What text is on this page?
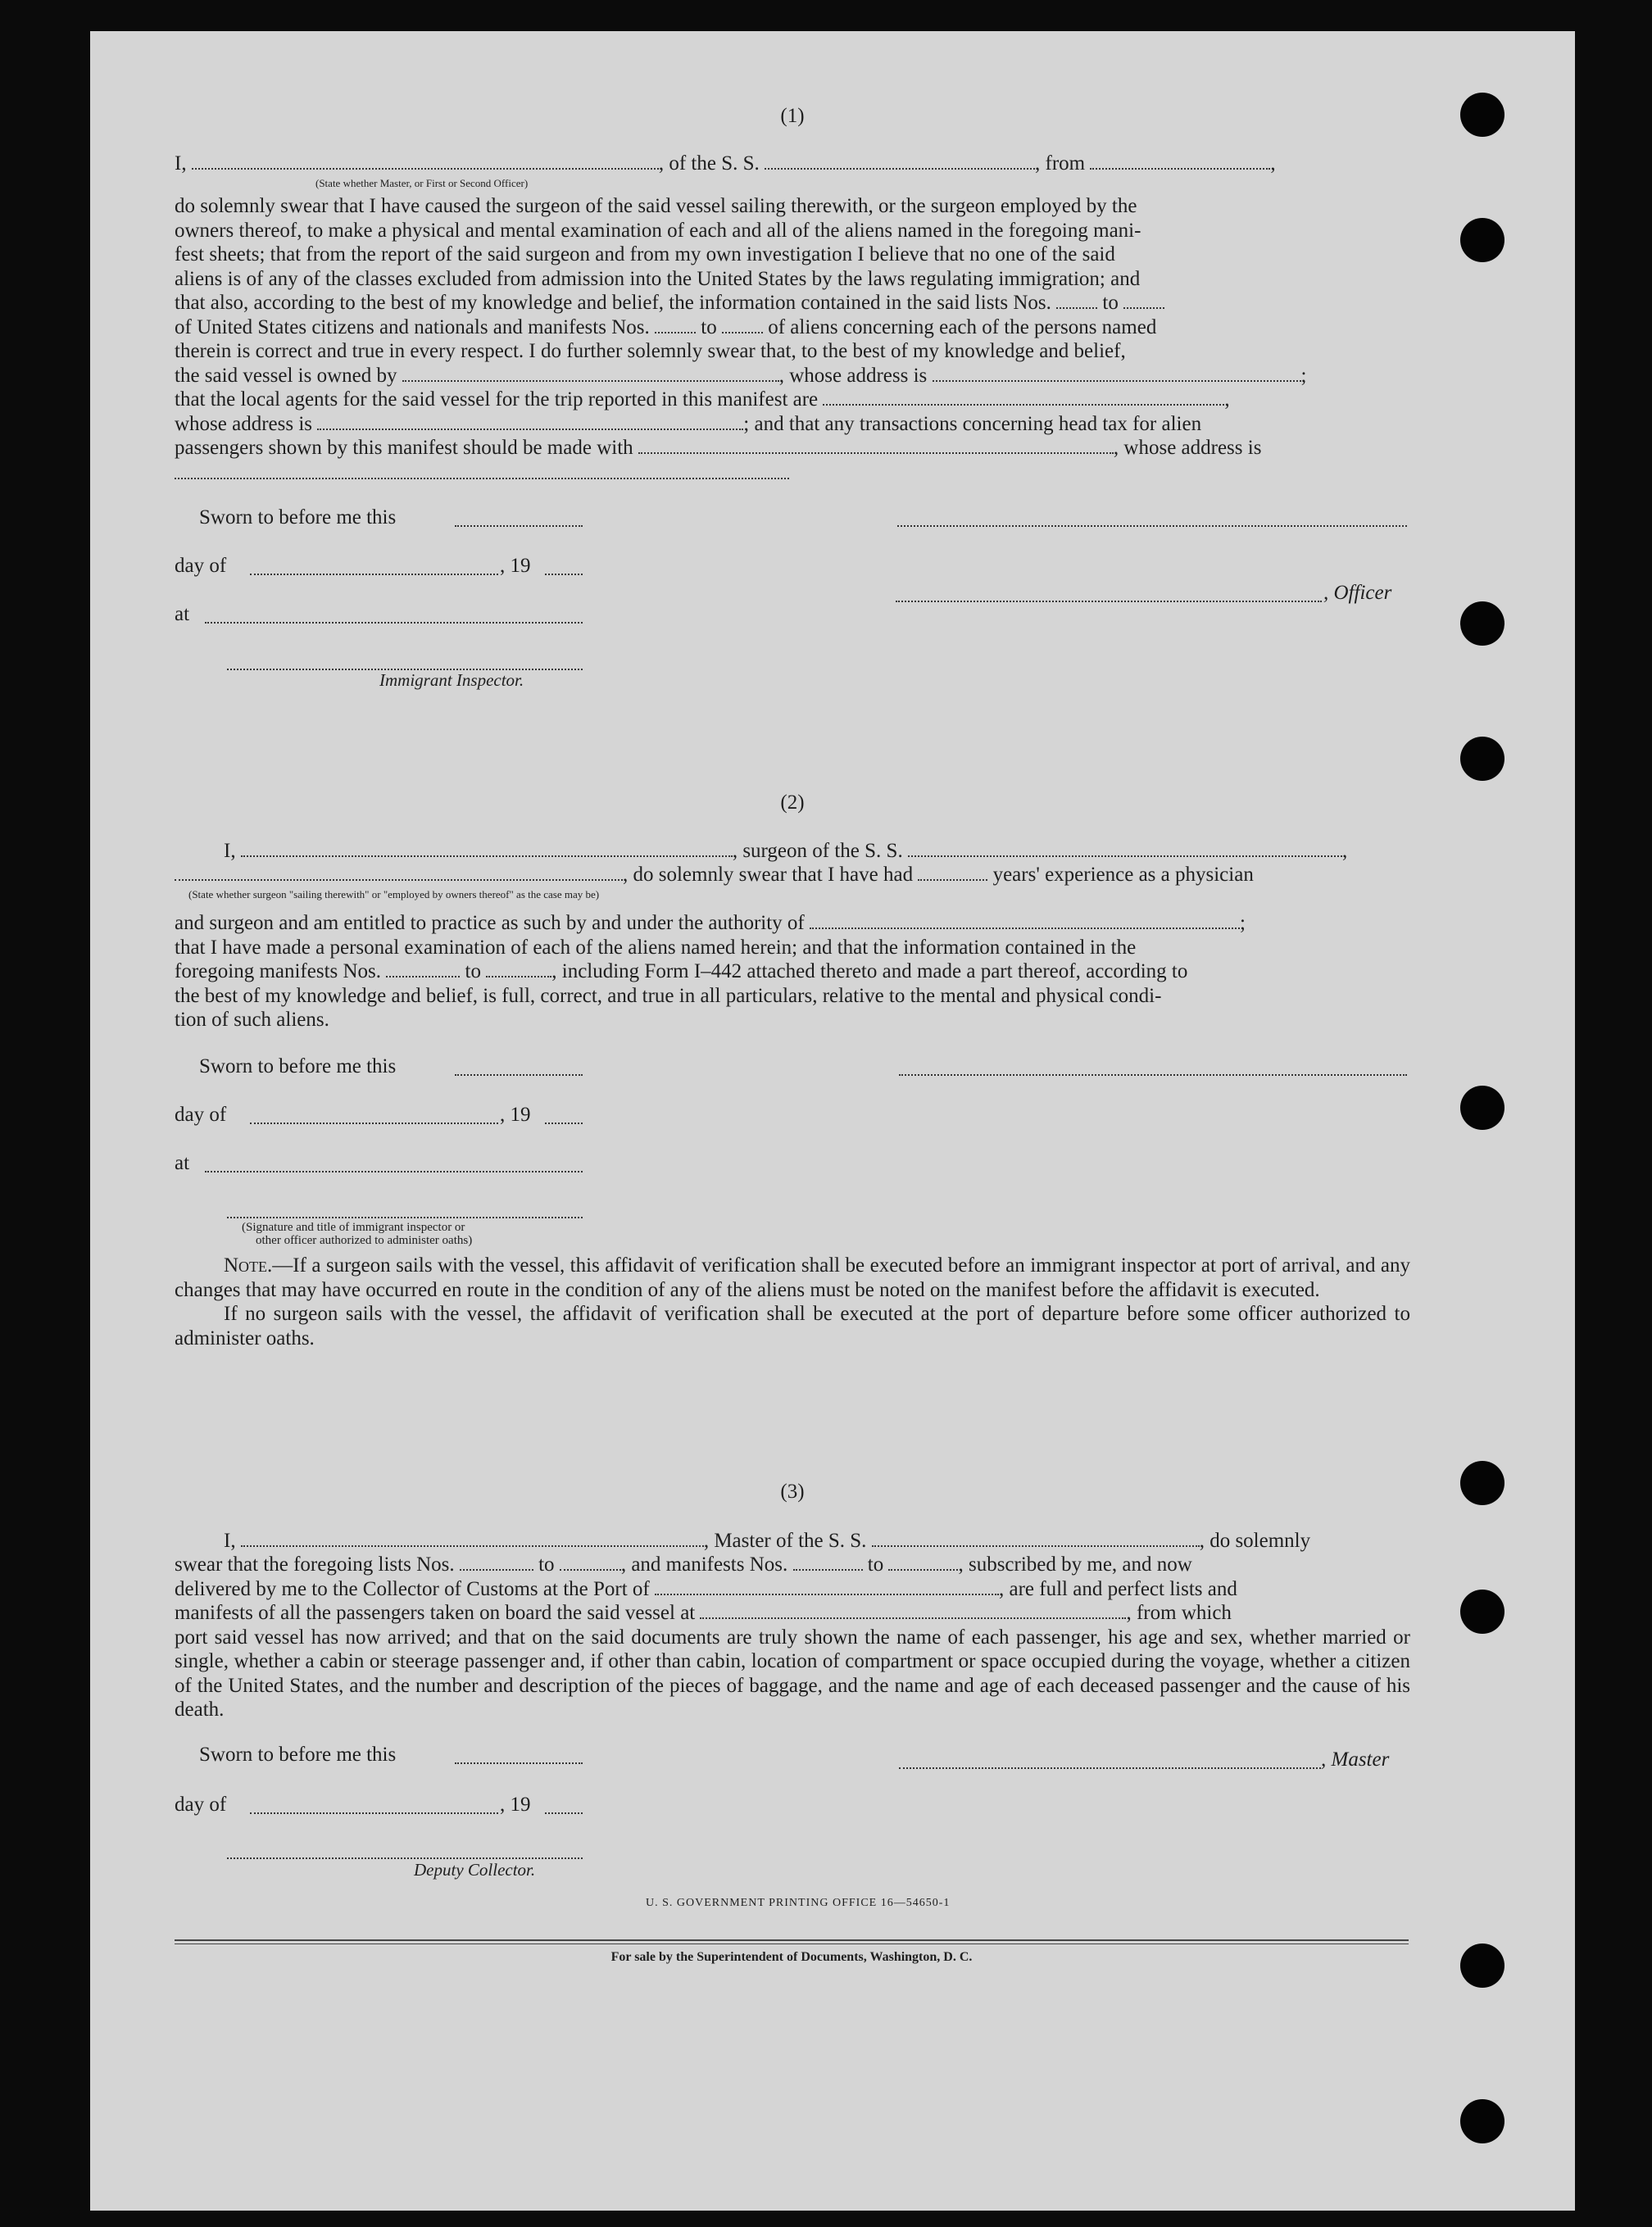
(1)
I,	, of the S. S.	, from	,
(State whether Master, or First or Second Officer)
do solemnly swear that I have caused the surgeon of the said vessel sailing therewith, or the surgeon employed by the
owners thereof, to make a physical and mental examination of each and all of the aliens named in the foregoing mani-
fest sheets; that from the report of the said surgeon and from my own investigation I believe that no one of the said
aliens is of any of the classes excluded from admission into the United States by the laws regulating immigration; and
that also, according to the best of my knowledge and belief, the information contained in the said lists Nos.	to
of United States citizens and nationals and manifests Nos.	to	of aliens concerning each of the persons named
therein is correct and true in every respect. I do further solemnly swear that, to the best of my knowledge and belief,
the said vessel is owned by	, whose address is	;
that the local agents for the said vessel for the trip reported in this manifest are	,
whose address is	; and that any transactions concerning head tax for alien
passengers shown by this manifest should be made with	, whose address is
Sworn to before me this
day of	, 19
, Officer
at
Immigrant Inspector.
(2)
I,	, surgeon of the S. S.	,
, do solemnly swear that I have had	years' experience as a physician
(State whether surgeon "sailing therewith" or "employed by owners thereof" as the case may be)
and surgeon and am entitled to practice as such by and under the authority of	;
that I have made a personal examination of each of the aliens named herein; and that the information contained in the
foregoing manifests Nos.	to	, including Form I–442 attached thereto and made a part thereof, according to
the best of my knowledge and belief, is full, correct, and true in all particulars, relative to the mental and physical condi-
tion of such aliens.
Sworn to before me this
day of	, 19
at
(Signature and title of immigrant inspector or
other officer authorized to administer oaths)

Note.—If a surgeon sails with the vessel, this affidavit of verification shall be executed before an immigrant inspector at port of arrival, and any changes that may have occurred en route in the condition of any of the aliens must be noted on the manifest before the affidavit is executed.

If no surgeon sails with the vessel, the affidavit of verification shall be executed at the port of departure before some officer authorized to administer oaths.

(3)
I,	, Master of the S. S.	, do solemnly
swear that the foregoing lists Nos.	to	, and manifests Nos.	to	, subscribed by me, and now
delivered by me to the Collector of Customs at the Port of	, are full and perfect lists and
manifests of all the passengers taken on board the said vessel at	, from which
port said vessel has now arrived; and that on the said documents are truly shown the name of each passenger, his age and sex, whether married or single, whether a cabin or steerage passenger and, if other than cabin, location of compartment or space occupied during the voyage, whether a citizen of the United States, and the number and description of the pieces of baggage, and the name and age of each deceased passenger and the cause of his death.
Sworn to before me this	, Master
day of	, 19
Deputy Collector.
U. S. GOVERNMENT PRINTING OFFICE 16—54650-1
For sale by the Superintendent of Documents, Washington, D. C.
